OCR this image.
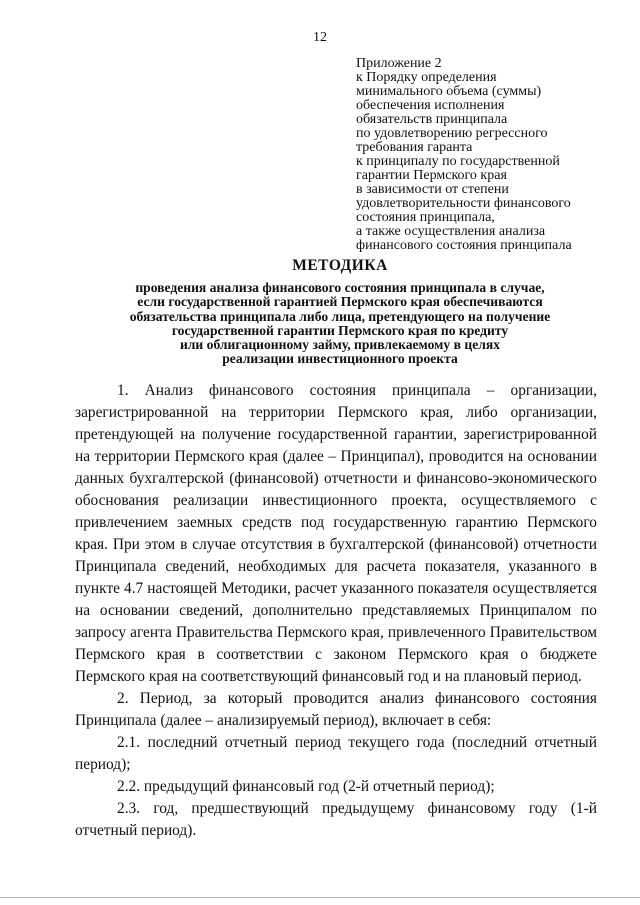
12
Приложение 2
к Порядку определения
минимального объема (суммы)
обеспечения исполнения
обязательств принципала
по удовлетворению регрессного
требования гаранта
к принципалу по государственной
гарантии Пермского края
в зависимости от степени
удовлетворительности финансового
состояния принципала,
а также осуществления анализа
финансового состояния принципала
МЕТОДИКА
проведения анализа финансового состояния принципала в случае,
если государственной гарантией Пермского края обеспечиваются
обязательства принципала либо лица, претендующего на получение
государственной гарантии Пермского края по кредиту
или облигационному займу, привлекаемому в целях
реализации инвестиционного проекта

1. Анализ финансового состояния принципала – организации, зарегистрированной на территории Пермского края, либо организации, претендующей на получение государственной гарантии, зарегистрированной на территории Пермского края (далее – Принципал), проводится на основании данных бухгалтерской (финансовой) отчетности и финансово-экономического обоснования реализации инвестиционного проекта, осуществляемого с привлечением заемных средств под государственную гарантию Пермского края. При этом в случае отсутствия в бухгалтерской (финансовой) отчетности Принципала сведений, необходимых для расчета показателя, указанного в пункте 4.7 настоящей Методики, расчет указанного показателя осуществляется на основании сведений, дополнительно представляемых Принципалом по запросу агента Правительства Пермского края, привлеченного Правительством Пермского края в соответствии с законом Пермского края о бюджете Пермского края на соответствующий финансовый год и на плановый период.

2. Период, за который проводится анализ финансового состояния Принципала (далее – анализируемый период), включает в себя:

2.1. последний отчетный период текущего года (последний отчетный период);

2.2. предыдущий финансовый год (2-й отчетный период);

2.3. год, предшествующий предыдущему финансовому году (1-й отчетный период).
